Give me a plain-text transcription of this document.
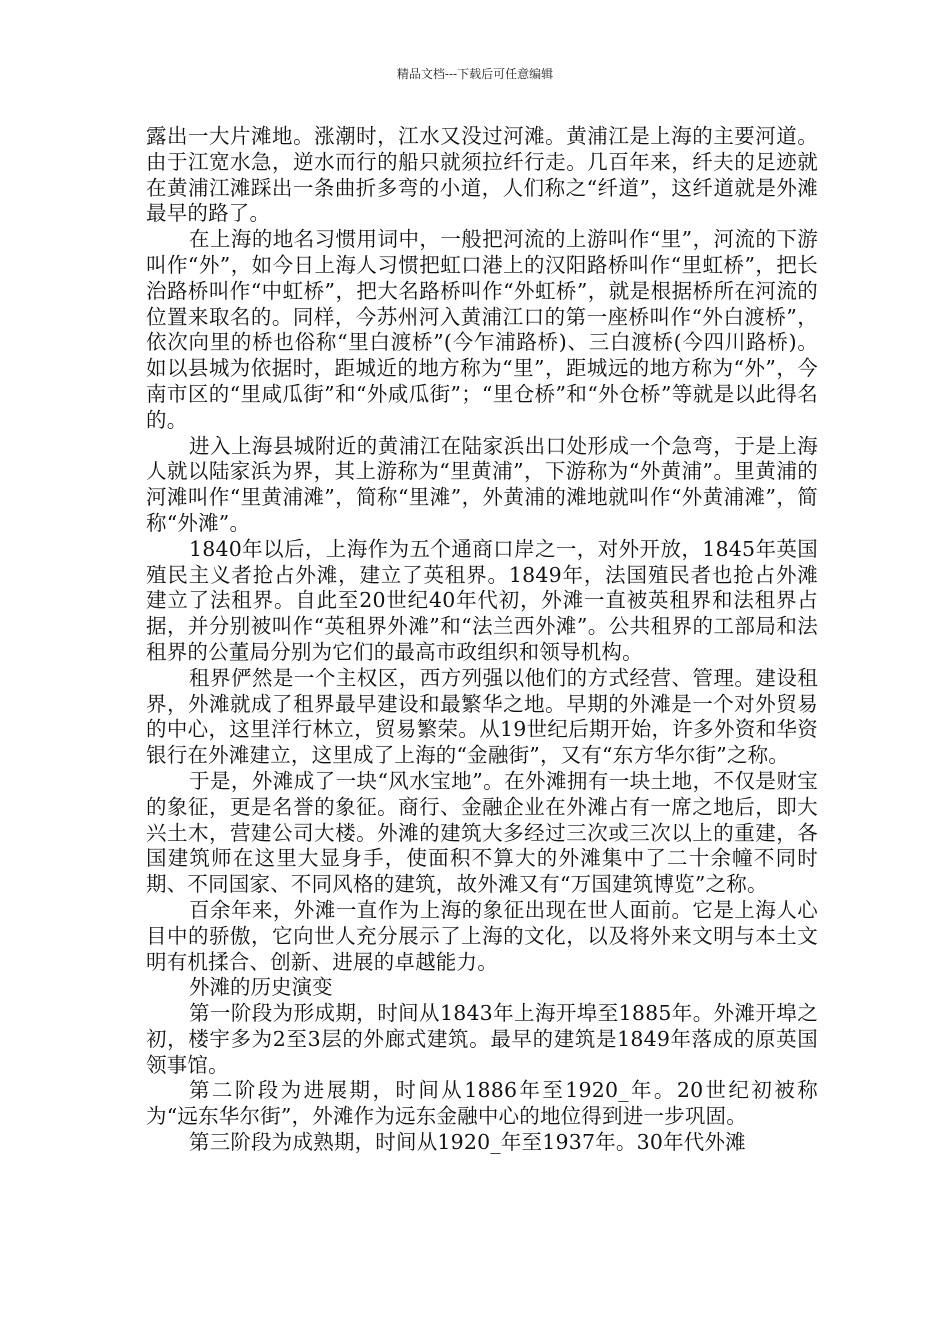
精品文档---下载后可任意编辑

露出一大片滩地。涨潮时，江水又没过河滩。黄浦江是上海的主要河道。由于江宽水急，逆水而行的船只就须拉纤行走。几百年来，纤夫的足迹就在黄浦江滩踩出一条曲折多弯的小道，人们称之“纤道”，这纤道就是外滩最早的路了。

在上海的地名习惯用词中，一般把河流的上游叫作“里”，河流的下游叫作“外”，如今日上海人习惯把虹口港上的汉阳路桥叫作“里虹桥”，把长治路桥叫作“中虹桥”，把大名路桥叫作“外虹桥”，就是根据桥所在河流的位置来取名的。同样，今苏州河入黄浦江口的第一座桥叫作“外白渡桥”，依次向里的桥也俗称“里白渡桥”(今乍浦路桥)、三白渡桥(今四川路桥)。如以县城为依据时，距城近的地方称为“里”，距城远的地方称为“外”，今南市区的“里咸瓜街”和“外咸瓜街”；“里仓桥”和“外仓桥”等就是以此得名的。

进入上海县城附近的黄浦江在陆家浜出口处形成一个急弯，于是上海人就以陆家浜为界，其上游称为“里黄浦”，下游称为“外黄浦”。里黄浦的河滩叫作“里黄浦滩”，简称“里滩”，外黄浦的滩地就叫作“外黄浦滩”，简称“外滩”。

1840年以后，上海作为五个通商口岸之一，对外开放，1845年英国殖民主义者抢占外滩，建立了英租界。1849年，法国殖民者也抢占外滩建立了法租界。自此至20世纪40年代初，外滩一直被英租界和法租界占据，并分别被叫作“英租界外滩”和“法兰西外滩”。公共租界的工部局和法租界的公董局分别为它们的最高市政组织和领导机构。

租界俨然是一个主权区，西方列强以他们的方式经营、管理。建设租界，外滩就成了租界最早建设和最繁华之地。早期的外滩是一个对外贸易的中心，这里洋行林立，贸易繁荣。从19世纪后期开始，许多外资和华资银行在外滩建立，这里成了上海的“金融街”，又有“东方华尔街”之称。

于是，外滩成了一块“风水宝地”。在外滩拥有一块土地，不仅是财宝的象征，更是名誉的象征。商行、金融企业在外滩占有一席之地后，即大兴土木，营建公司大楼。外滩的建筑大多经过三次或三次以上的重建，各国建筑师在这里大显身手，使面积不算大的外滩集中了二十余幢不同时期、不同国家、不同风格的建筑，故外滩又有“万国建筑博览”之称。

百余年来，外滩一直作为上海的象征出现在世人面前。它是上海人心目中的骄傲，它向世人充分展示了上海的文化，以及将外来文明与本土文明有机揉合、创新、进展的卓越能力。

外滩的历史演变

第一阶段为形成期，时间从1843年上海开埠至1885年。外滩开埠之初，楼宇多为2至3层的外廊式建筑。最早的建筑是1849年落成的原英国领事馆。

第二阶段为进展期，时间从1886年至1920_年。20世纪初被称为“远东华尔街”，外滩作为远东金融中心的地位得到进一步巩固。

第三阶段为成熟期，时间从1920_年至1937年。30年代外滩
